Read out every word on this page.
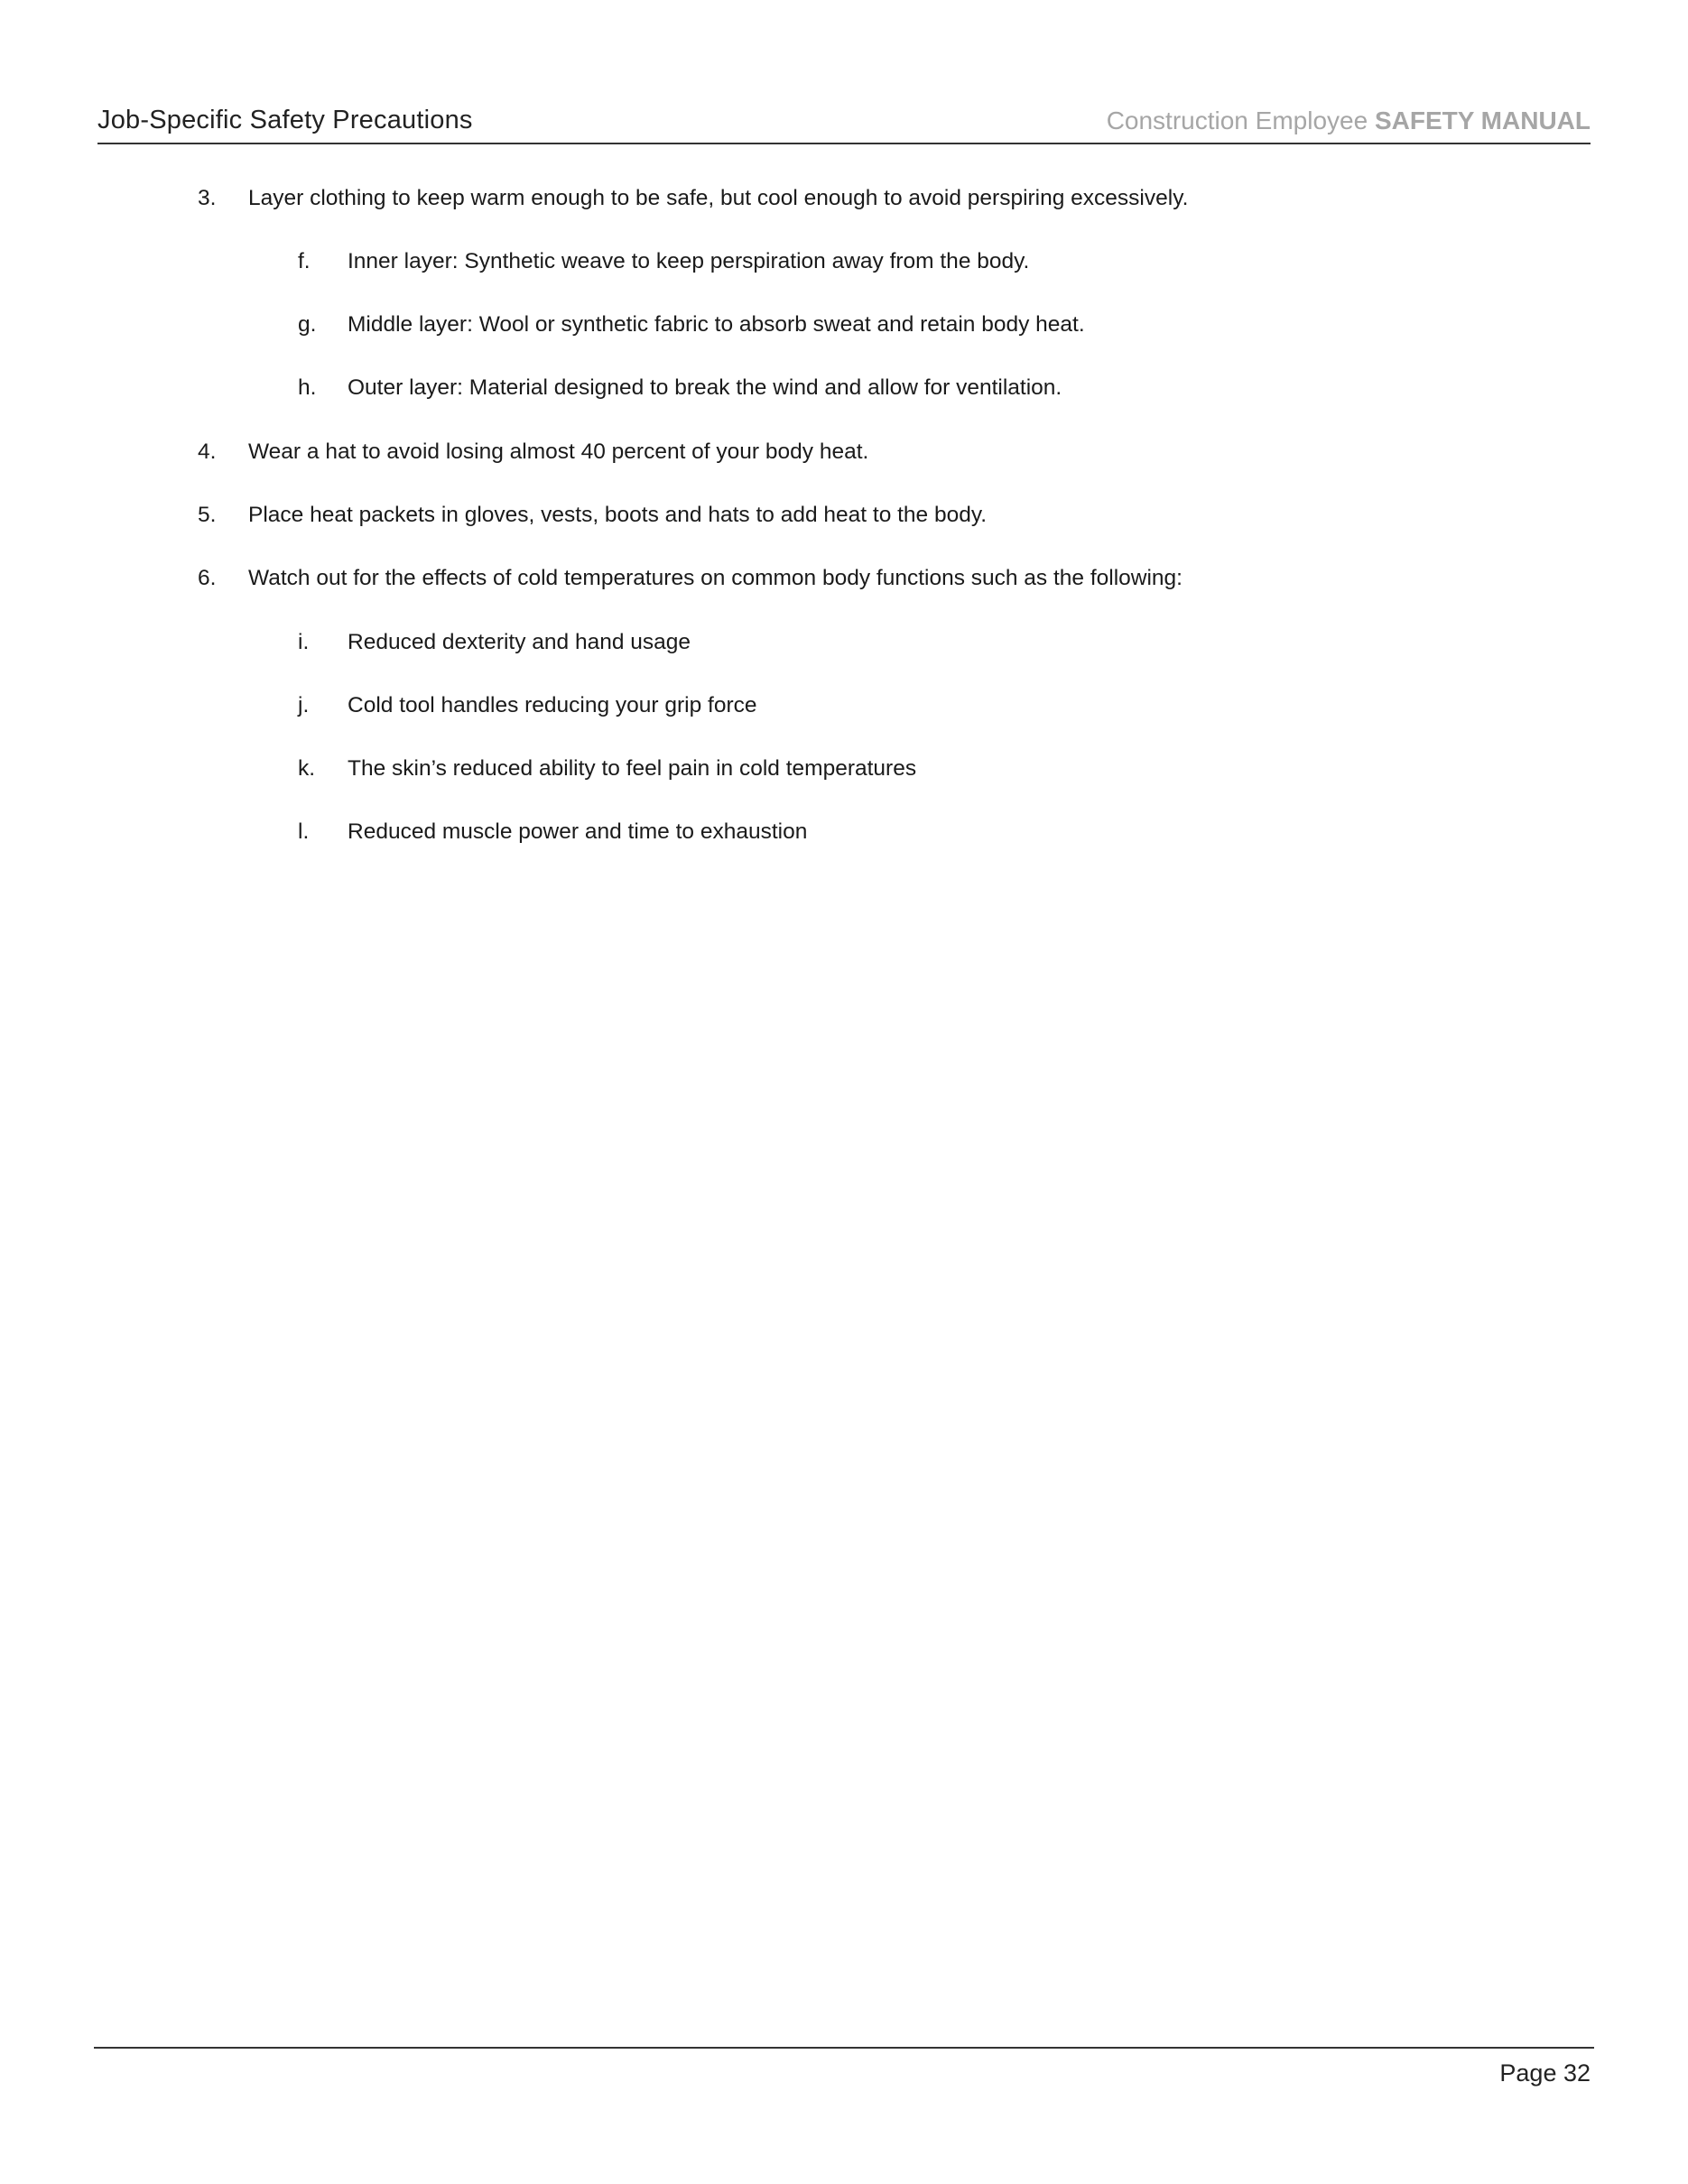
Job-Specific Safety Precautions	Construction Employee SAFETY MANUAL
3. Layer clothing to keep warm enough to be safe, but cool enough to avoid perspiring excessively.
f. Inner layer: Synthetic weave to keep perspiration away from the body.
g. Middle layer: Wool or synthetic fabric to absorb sweat and retain body heat.
h. Outer layer: Material designed to break the wind and allow for ventilation.
4. Wear a hat to avoid losing almost 40 percent of your body heat.
5. Place heat packets in gloves, vests, boots and hats to add heat to the body.
6. Watch out for the effects of cold temperatures on common body functions such as the following:
i. Reduced dexterity and hand usage
j. Cold tool handles reducing your grip force
k. The skin’s reduced ability to feel pain in cold temperatures
l. Reduced muscle power and time to exhaustion
Page 32
